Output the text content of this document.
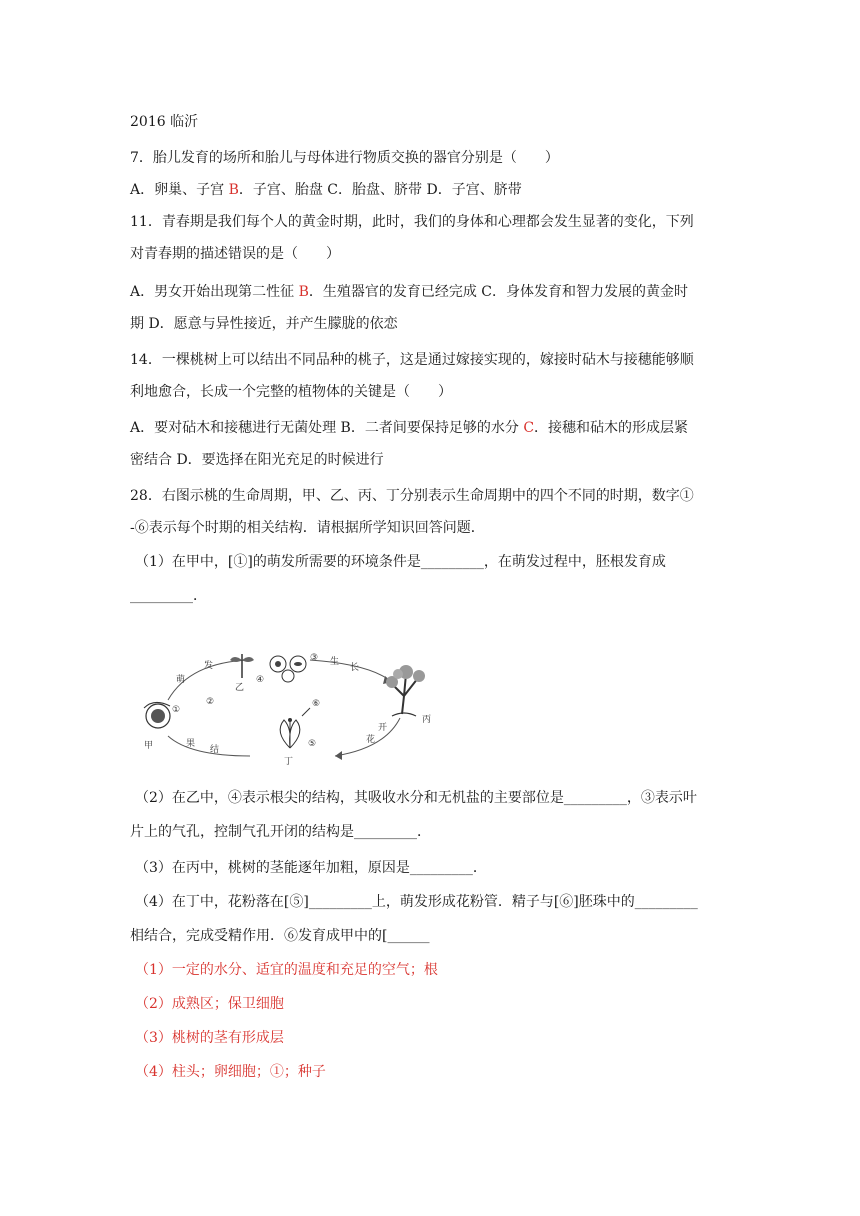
2016 临沂
7．胎儿发育的场所和胎儿与母体进行物质交换的器官分别是（　　）
A．卵巢、子宫 B．子宫、胎盘 C．胎盘、脐带 D．子宫、脐带
11．青春期是我们每个人的黄金时期，此时，我们的身体和心理都会发生显著的变化，下列
对青春期的描述错误的是（　　）
A．男女开始出现第二性征 B．生殖器官的发育已经完成 C．身体发育和智力发展的黄金时
期 D．愿意与异性接近，并产生朦胧的依恋
14．一棵桃树上可以结出不同品种的桃子，这是通过嫁接实现的，嫁接时砧木与接穗能够顺
利地愈合，长成一个完整的植物体的关键是（　　）
A．要对砧木和接穗进行无菌处理 B．二者间要保持足够的水分 C．接穗和砧木的形成层紧
密结合 D．要选择在阳光充足的时候进行
28．右图示桃的生命周期，甲、乙、丙、丁分别表示生命周期中的四个不同的时期，数字①
-⑥表示每个时期的相关结构．请根据所学知识回答问题．
（1）在甲中，[①]的萌发所需要的环境条件是_________，在萌发过程中，胚根发育成
_________．
甲
乙
丙
丁
萌
发	生
长
开
花
结
果
①
②
③
④
⑤
⑥
（2）在乙中，④表示根尖的结构，其吸收水分和无机盐的主要部位是_________，③表示叶
片上的气孔，控制气孔开闭的结构是_________．
（3）在丙中，桃树的茎能逐年加粗，原因是_________．
（4）在丁中，花粉落在[⑤]_________上，萌发形成花粉管．精子与[⑥]胚珠中的_________
相结合，完成受精作用．⑥发育成甲中的[______
（1）一定的水分、适宜的温度和充足的空气；根
（2）成熟区；保卫细胞
（3）桃树的茎有形成层
（4）柱头；卵细胞；①；种子
